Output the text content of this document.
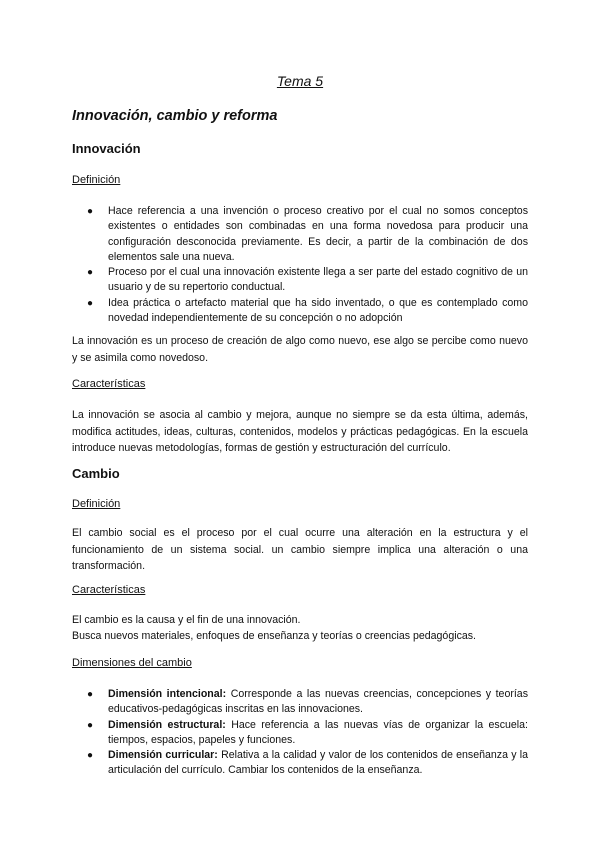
Tema 5

Innovación, cambio y reforma

Innovación

Definición

● Hace referencia a una invención o proceso creativo por el cual no somos conceptos existentes o entidades son combinadas en una forma novedosa para producir una configuración desconocida previamente. Es decir, a partir de la combinación de dos elementos sale una nueva.
● Proceso por el cual una innovación existente llega a ser parte del estado cognitivo de un usuario y de su repertorio conductual.
● Idea práctica o artefacto material que ha sido inventado, o que es contemplado como novedad independientemente de su concepción o no adopción

La innovación es un proceso de creación de algo como nuevo, ese algo se percibe como nuevo y se asimila como novedoso.

Características

La innovación se asocia al cambio y mejora, aunque no siempre se da esta última, además, modifica actitudes, ideas, culturas, contenidos, modelos y prácticas pedagógicas. En la escuela introduce nuevas metodologías, formas de gestión y estructuración del currículo.

Cambio

Definición

El cambio social es el proceso por el cual ocurre una alteración en la estructura y el funcionamiento de un sistema social. un cambio siempre implica una alteración o una transformación.

Características

El cambio es la causa y el fin de una innovación.

Busca nuevos materiales, enfoques de enseñanza y teorías o creencias pedagógicas.

Dimensiones del cambio

● Dimensión intencional: Corresponde a las nuevas creencias, concepciones y teorías educativos-pedagógicas inscritas en las innovaciones.
● Dimensión estructural: Hace referencia a las nuevas vías de organizar la escuela: tiempos, espacios, papeles y funciones.
● Dimensión curricular: Relativa a la calidad y valor de los contenidos de enseñanza y la articulación del currículo. Cambiar los contenidos de la enseñanza.
